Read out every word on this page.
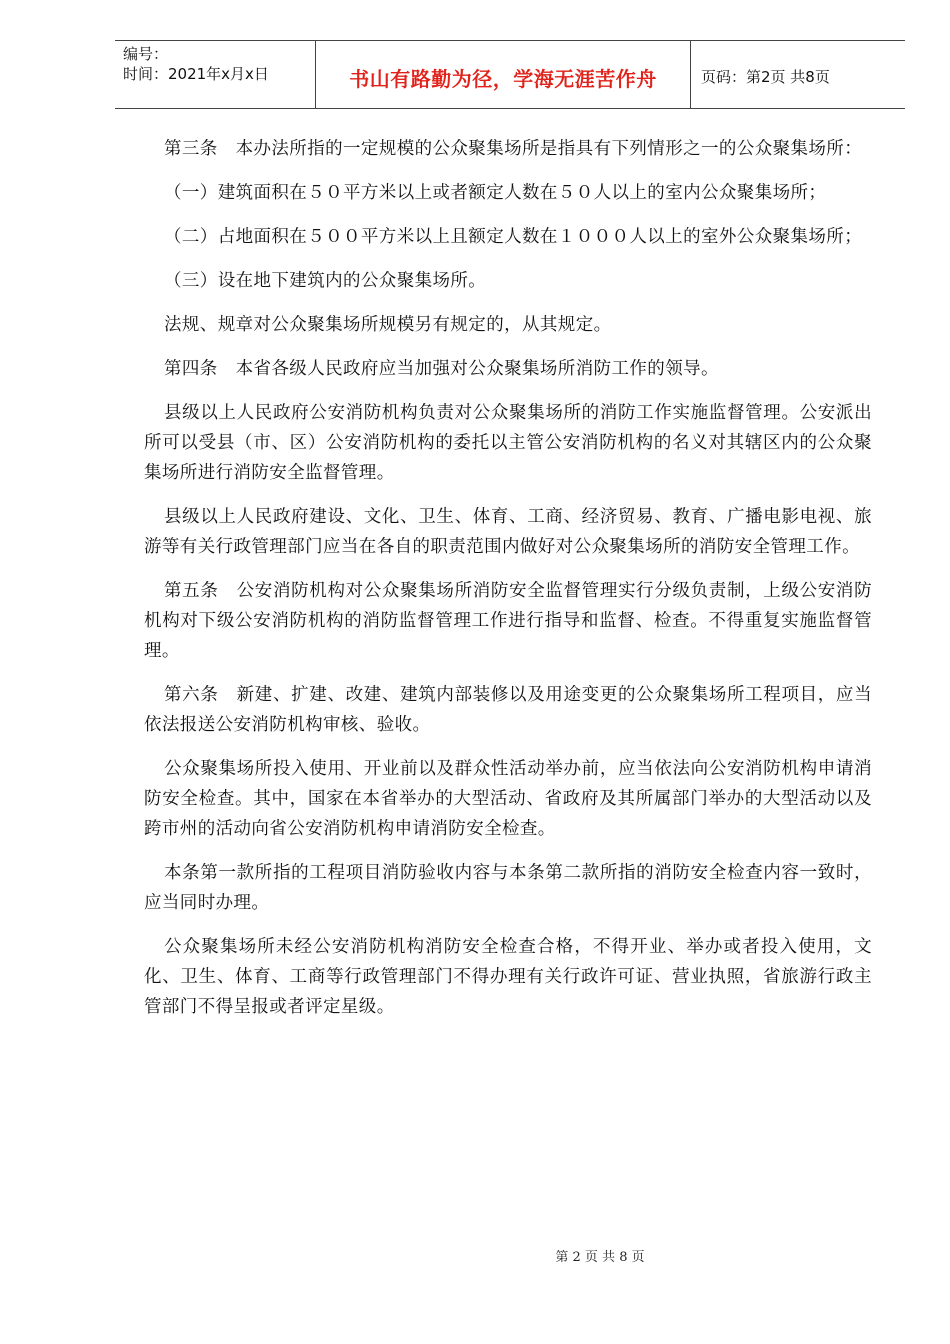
编号：
时间：2021年x月x日	书山有路勤为径，学海无涯苦作舟	页码：第2页 共8页

第三条　本办法所指的一定规模的公众聚集场所是指具有下列情形之一的公众聚集场所：

（一）建筑面积在５０平方米以上或者额定人数在５０人以上的室内公众聚集场所；

（二）占地面积在５００平方米以上且额定人数在１０００人以上的室外公众聚集场所；

（三）设在地下建筑内的公众聚集场所。

法规、规章对公众聚集场所规模另有规定的，从其规定。

第四条　本省各级人民政府应当加强对公众聚集场所消防工作的领导。

县级以上人民政府公安消防机构负责对公众聚集场所的消防工作实施监督管理。公安派出所可以受县（市、区）公安消防机构的委托以主管公安消防机构的名义对其辖区内的公众聚集场所进行消防安全监督管理。

县级以上人民政府建设、文化、卫生、体育、工商、经济贸易、教育、广播电影电视、旅游等有关行政管理部门应当在各自的职责范围内做好对公众聚集场所的消防安全管理工作。

第五条　公安消防机构对公众聚集场所消防安全监督管理实行分级负责制，上级公安消防机构对下级公安消防机构的消防监督管理工作进行指导和监督、检查。不得重复实施监督管理。

第六条　新建、扩建、改建、建筑内部装修以及用途变更的公众聚集场所工程项目，应当依法报送公安消防机构审核、验收。

公众聚集场所投入使用、开业前以及群众性活动举办前，应当依法向公安消防机构申请消防安全检查。其中，国家在本省举办的大型活动、省政府及其所属部门举办的大型活动以及跨市州的活动向省公安消防机构申请消防安全检查。

本条第一款所指的工程项目消防验收内容与本条第二款所指的消防安全检查内容一致时，应当同时办理。

公众聚集场所未经公安消防机构消防安全检查合格，不得开业、举办或者投入使用，文化、卫生、体育、工商等行政管理部门不得办理有关行政许可证、营业执照，省旅游行政主管部门不得呈报或者评定星级。

第 2 页 共 8 页
